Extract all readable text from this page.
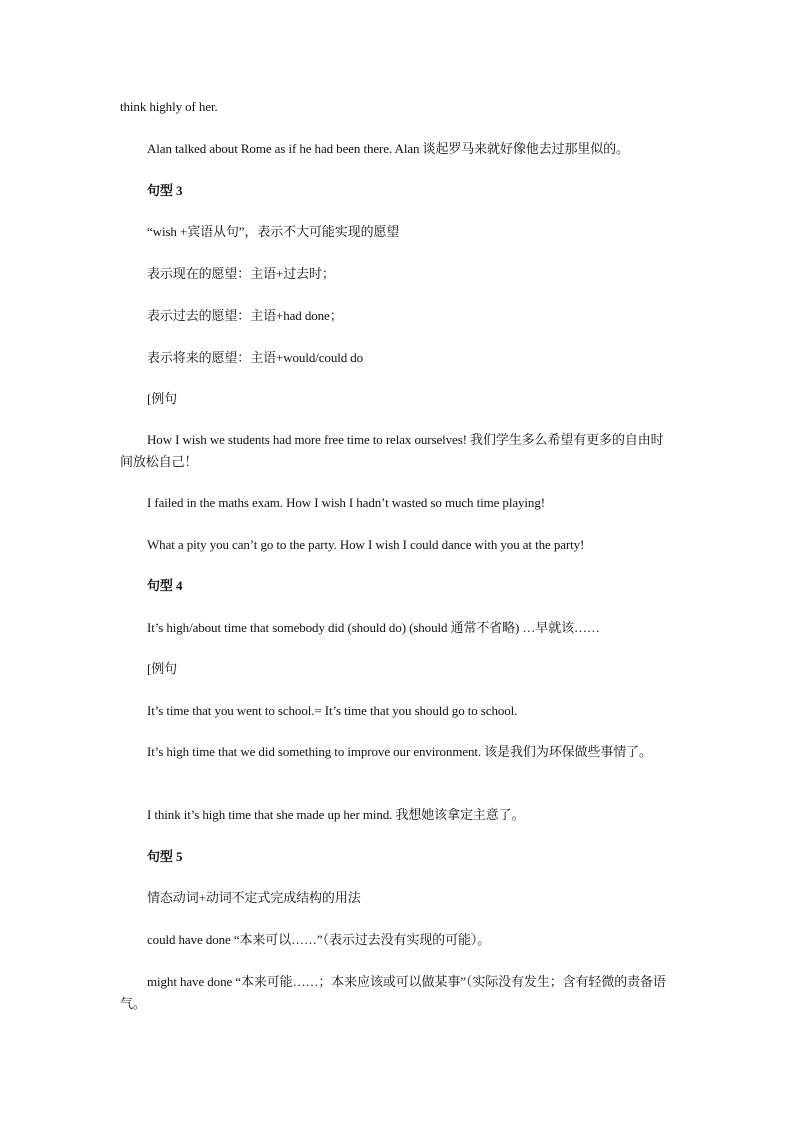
think highly of her.
Alan talked about Rome as if he had been there. Alan 谈起罗马来就好像他去过那里似的。
句型 3
“wish +宾语从句”，表示不大可能实现的愿望
表示现在的愿望：主语+过去时；
表示过去的愿望：主语+had done；
表示将来的愿望：主语+would/could do
[例句
How I wish we students had more free time to relax ourselves! 我们学生多么希望有更多的自由时间放松自己！
I failed in the maths exam. How I wish I hadn’t wasted so much time playing!
What a pity you can’t go to the party. How I wish I could dance with you at the party!
句型 4
It’s high/about time that somebody did (should do) (should 通常不省略) …早就该……
[例句
It’s time that you went to school.= It’s time that you should go to school.
It’s high time that we did something to improve our environment. 该是我们为环保做些事情了。
I think it’s high time that she made up her mind. 我想她该拿定主意了。
句型 5
情态动词+动词不定式完成结构的用法
could have done “本来可以……”（表示过去没有实现的可能）。
might have done “本来可能……；本来应该或可以做某事”（实际没有发生；含有轻微的责备语气。
